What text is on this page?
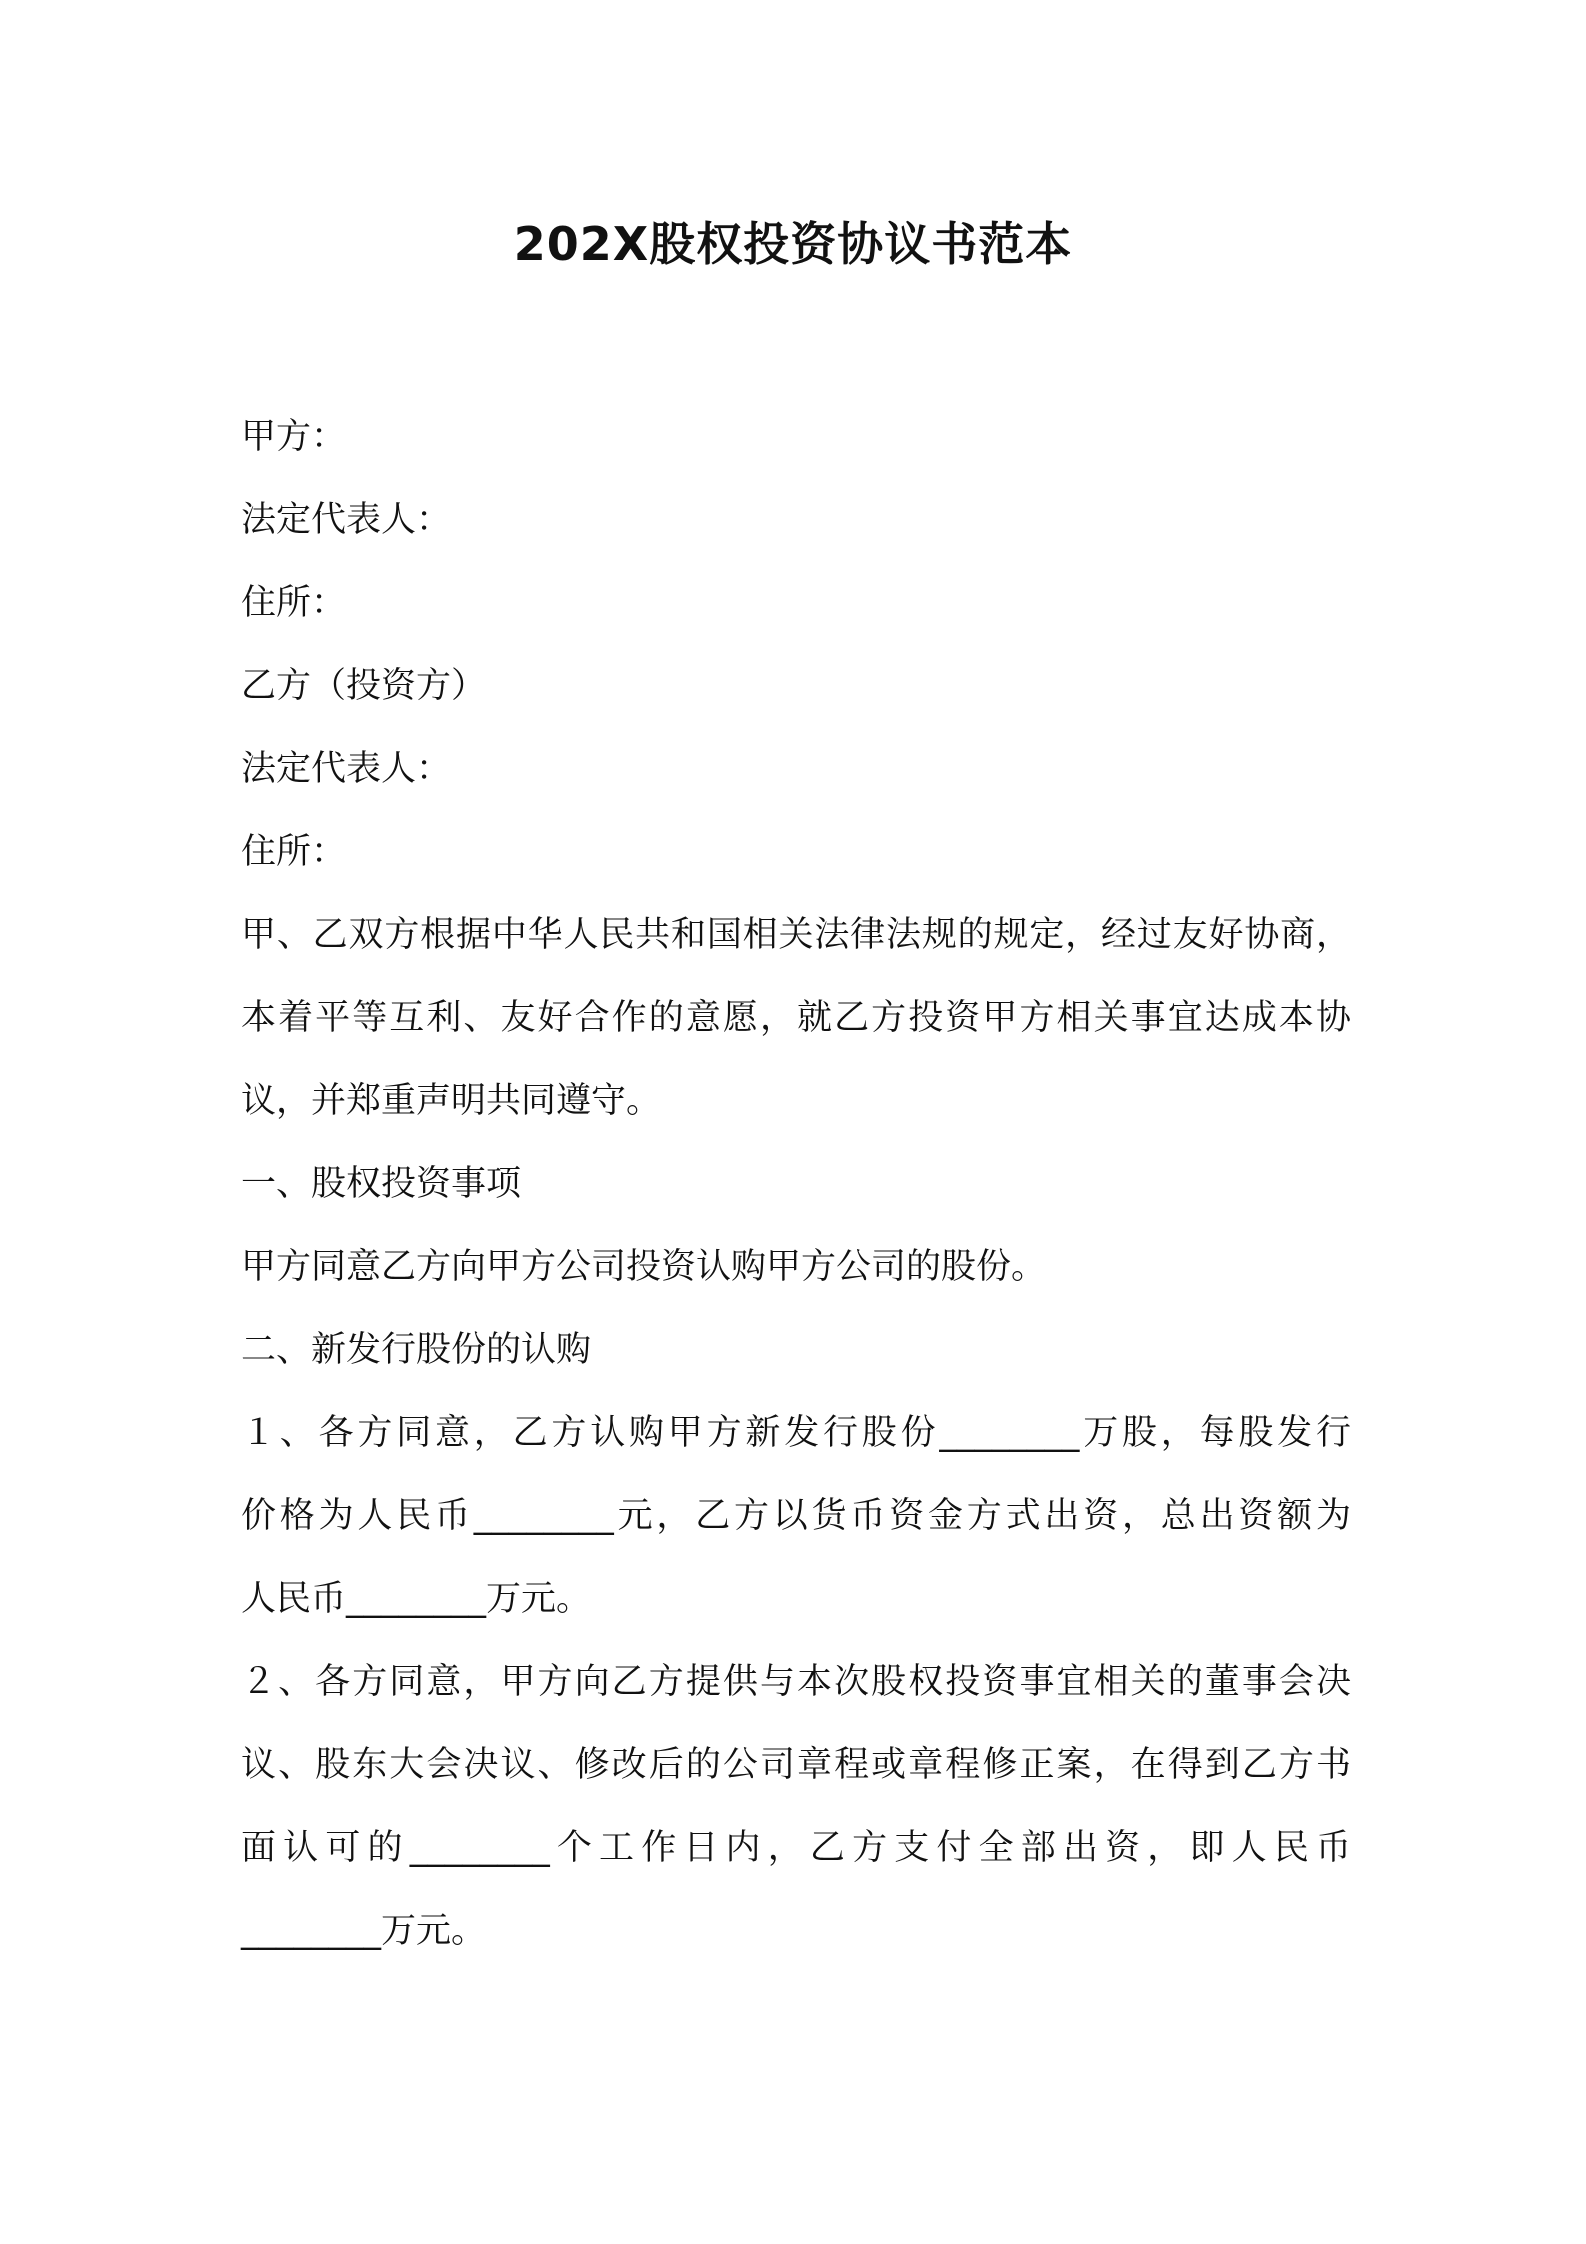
202X股权投资协议书范本
甲方：
法定代表人：
住所：
乙方（投资方）
法定代表人：
住所：
甲、乙双方根据中华人民共和国相关法律法规的规定，经过友好协商，
本着平等互利、友好合作的意愿，就乙方投资甲方相关事宜达成本协
议，并郑重声明共同遵守。
一、股权投资事项
甲方同意乙方向甲方公司投资认购甲方公司的股份。
二、新发行股份的认购
１、各方同意，乙方认购甲方新发行股份________万股，每股发行
价格为人民币________元，乙方以货币资金方式出资，总出资额为
人民币________万元。
２、各方同意，甲方向乙方提供与本次股权投资事宜相关的董事会决
议、股东大会决议、修改后的公司章程或章程修正案，在得到乙方书
面认可的________个工作日内，乙方支付全部出资，即人民币
________万元。
